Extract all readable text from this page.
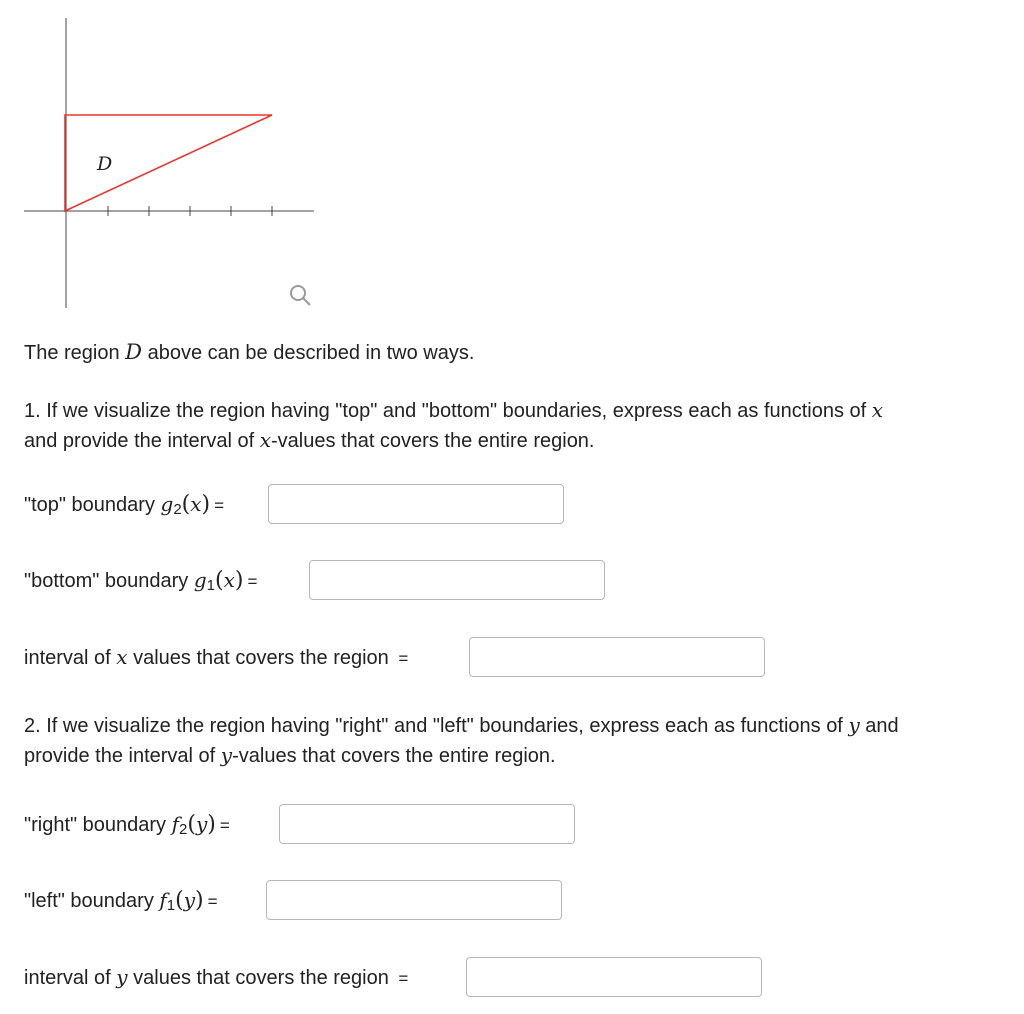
D
The region D above can be described in two ways.
1. If we visualize the region having "top" and "bottom" boundaries, express each as functions of x
and provide the interval of x-values that covers the entire region.
"top" boundary g2(x) =
"bottom" boundary g1(x) =
interval of x values that covers the region =
2. If we visualize the region having "right" and "left" boundaries, express each as functions of y and
provide the interval of y-values that covers the entire region.
"right" boundary f2(y) =
"left" boundary f1(y) =
interval of y values that covers the region =
